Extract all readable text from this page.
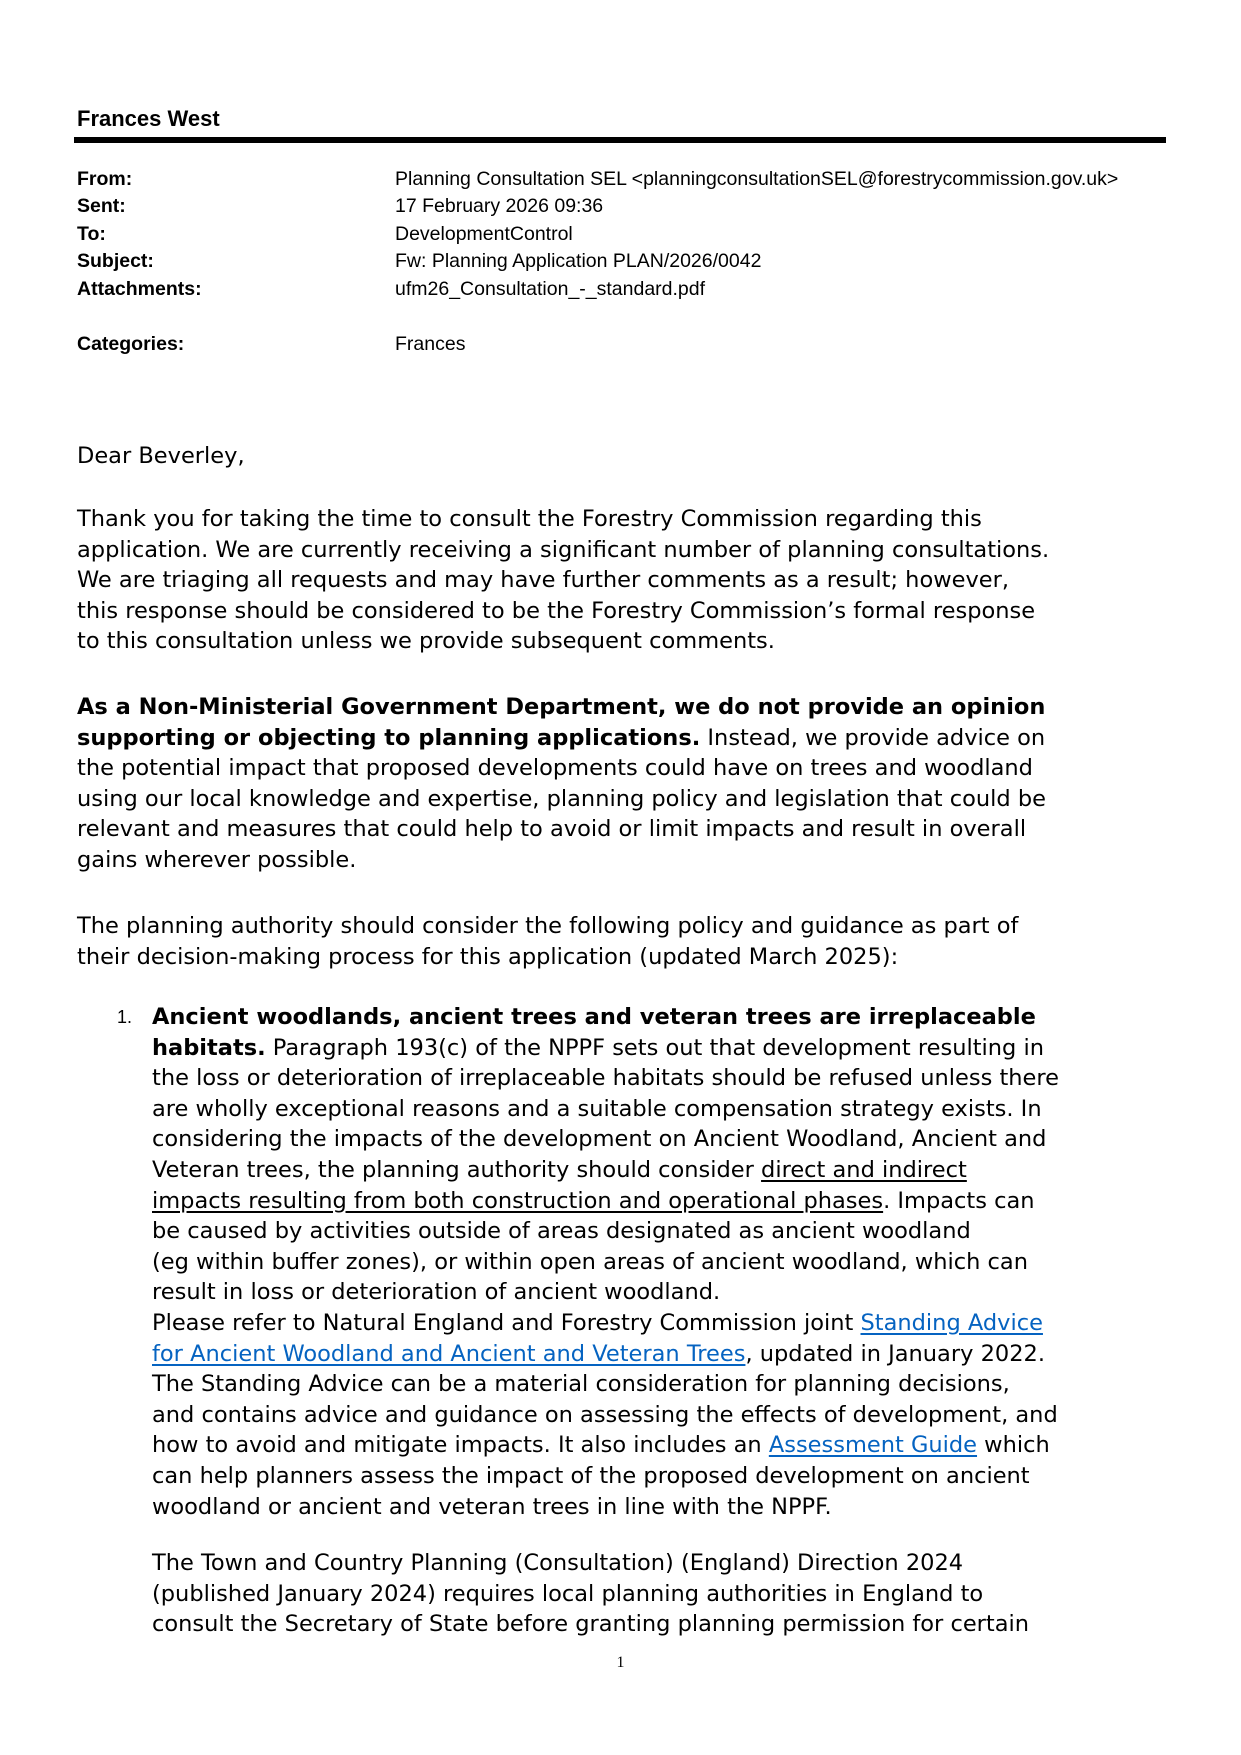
Frances West
From:	Planning Consultation SEL <planningconsultationSEL@forestrycommission.gov.uk>
Sent:	17 February 2026 09:36
To:	DevelopmentControl
Subject:	Fw: Planning Application PLAN/2026/0042
Attachments:	ufm26_Consultation_-_standard.pdf
Categories:	Frances
Dear Beverley,
Thank you for taking the time to consult the Forestry Commission regarding this
application. We are currently receiving a significant number of planning consultations.
We are triaging all requests and may have further comments as a result; however,
this response should be considered to be the Forestry Commission’s formal response
to this consultation unless we provide subsequent comments.
As a Non-Ministerial Government Department, we do not provide an opinion
supporting or objecting to planning applications. Instead, we provide advice on
the potential impact that proposed developments could have on trees and woodland
using our local knowledge and expertise, planning policy and legislation that could be
relevant and measures that could help to avoid or limit impacts and result in overall
gains wherever possible.
The planning authority should consider the following policy and guidance as part of
their decision-making process for this application (updated March 2025):
1. Ancient woodlands, ancient trees and veteran trees are irreplaceable
habitats. Paragraph 193(c) of the NPPF sets out that development resulting in
the loss or deterioration of irreplaceable habitats should be refused unless there
are wholly exceptional reasons and a suitable compensation strategy exists. In
considering the impacts of the development on Ancient Woodland, Ancient and
Veteran trees, the planning authority should consider direct and indirect
impacts resulting from both construction and operational phases. Impacts can
be caused by activities outside of areas designated as ancient woodland
(eg within buffer zones), or within open areas of ancient woodland, which can
result in loss or deterioration of ancient woodland.
Please refer to Natural England and Forestry Commission joint Standing Advice
for Ancient Woodland and Ancient and Veteran Trees, updated in January 2022.
The Standing Advice can be a material consideration for planning decisions,
and contains advice and guidance on assessing the effects of development, and
how to avoid and mitigate impacts. It also includes an Assessment Guide which
can help planners assess the impact of the proposed development on ancient
woodland or ancient and veteran trees in line with the NPPF.
The Town and Country Planning (Consultation) (England) Direction 2024
(published January 2024) requires local planning authorities in England to
consult the Secretary of State before granting planning permission for certain
1
